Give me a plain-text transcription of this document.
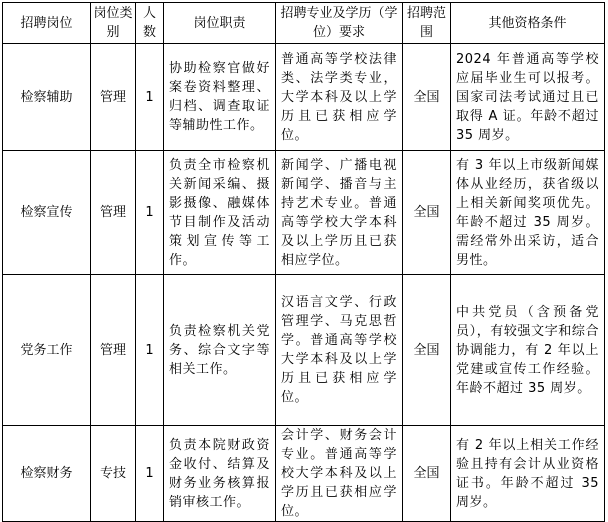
招聘岗位	岗位类别	人数	岗位职责	招聘专业及学历（学位）要求	招聘范围	其他资格条件
检察辅助	管理	1	协助检察官做好案卷资料整理、归档、调查取证等辅助性工作。	普通高等学校法律类、法学类专业，大学本科及以上学历且已获相应学位。	全国	2024 年普通高等学校应届毕业生可以报考。国家司法考试通过且已取得 A 证。年龄不超过 35 周岁。
检察宣传	管理	1	负责全市检察机关新闻采编、摄影摄像、融媒体节目制作及活动策划宣传等工作。	新闻学、广播电视新闻学、播音与主持艺术专业。普通高等学校大学本科及以上学历且已获相应学位。	全国	有 3 年以上市级新闻媒体从业经历，获省级以上相关新闻奖项优先。年龄不超过 35 周岁。需经常外出采访，适合男性。
党务工作	管理	1	负责检察机关党务、综合文字等相关工作。	汉语言文学、行政管理学、马克思哲学。普通高等学校大学本科及以上学历且已获相应学位。	全国	中共党员（含预备党员），有较强文字和综合协调能力，有 2 年以上党建或宣传工作经验。年龄不超过 35 周岁。
检察财务	专技	1	负责本院财政资金收付、结算及财务业务核算报销审核工作。	会计学、财务会计专业。普通高等学校大学本科及以上学历且已获相应学位。	全国	有 2 年以上相关工作经验且持有会计从业资格证书。年龄不超过 35 周岁。
